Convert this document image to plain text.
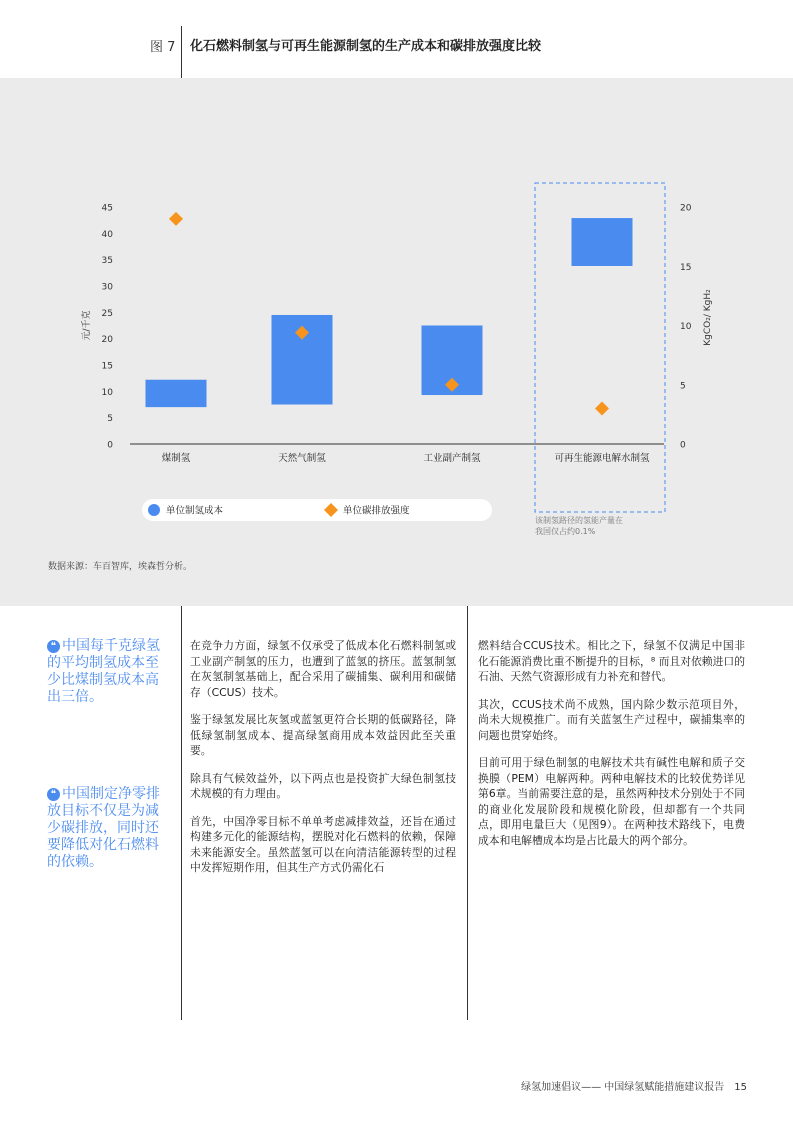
图 7 化石燃料制氢与可再生能源制氢的生产成本和碳排放强度比较
0
5
10
15
20
25
30
35
40
45
0
5
10
15
20
元/千克	KgCO₂/ KgH₂
煤制氢	天然气制氢	工业副产制氢	可再生能源电解水制氢
单位制氢成本	单位碳排放强度
该制氢路径的氢能产量在
我国仅占约0.1%
数据来源：车百智库，埃森哲分析。
❝ 中国每千克绿氢的平均制氢成本至少比煤制氢成本高出三倍。
❝ 中国制定净零排放目标不仅是为减少碳排放，同时还要降低对化石燃料的依赖。

在竞争力方面，绿氢不仅承受了低成本化石燃料制氢或工业副产制氢的压力，也遭到了蓝氢的挤压。蓝氢制氢在灰氢制氢基础上，配合采用了碳捕集、碳利用和碳储存（CCUS）技术。

鉴于绿氢发展比灰氢或蓝氢更符合长期的低碳路径，降低绿氢制氢成本、提高绿氢商用成本效益因此至关重要。

除具有气候效益外，以下两点也是投资扩大绿色制氢技术规模的有力理由。

首先，中国净零目标不单单考虑减排效益，还旨在通过构建多元化的能源结构，摆脱对化石燃料的依赖，保障未来能源安全。虽然蓝氢可以在向清洁能源转型的过程中发挥短期作用，但其生产方式仍需化石

燃料结合CCUS技术。相比之下，绿氢不仅满足中国非化石能源消费比重不断提升的目标，⁸ 而且对依赖进口的石油、天然气资源形成有力补充和替代。

其次，CCUS技术尚不成熟，国内除少数示范项目外，尚未大规模推广。而有关蓝氢生产过程中，碳捕集率的问题也贯穿始终。

目前可用于绿色制氢的电解技术共有碱性电解和质子交换膜（PEM）电解两种。两种电解技术的比较优势详见第6章。当前需要注意的是，虽然两种技术分别处于不同的商业化发展阶段和规模化阶段，但却都有一个共同点，即用电量巨大（见图9）。在两种技术路线下，电费成本和电解槽成本均是占比最大的两个部分。

绿氢加速倡议—— 中国绿氢赋能措施建议报告 15
